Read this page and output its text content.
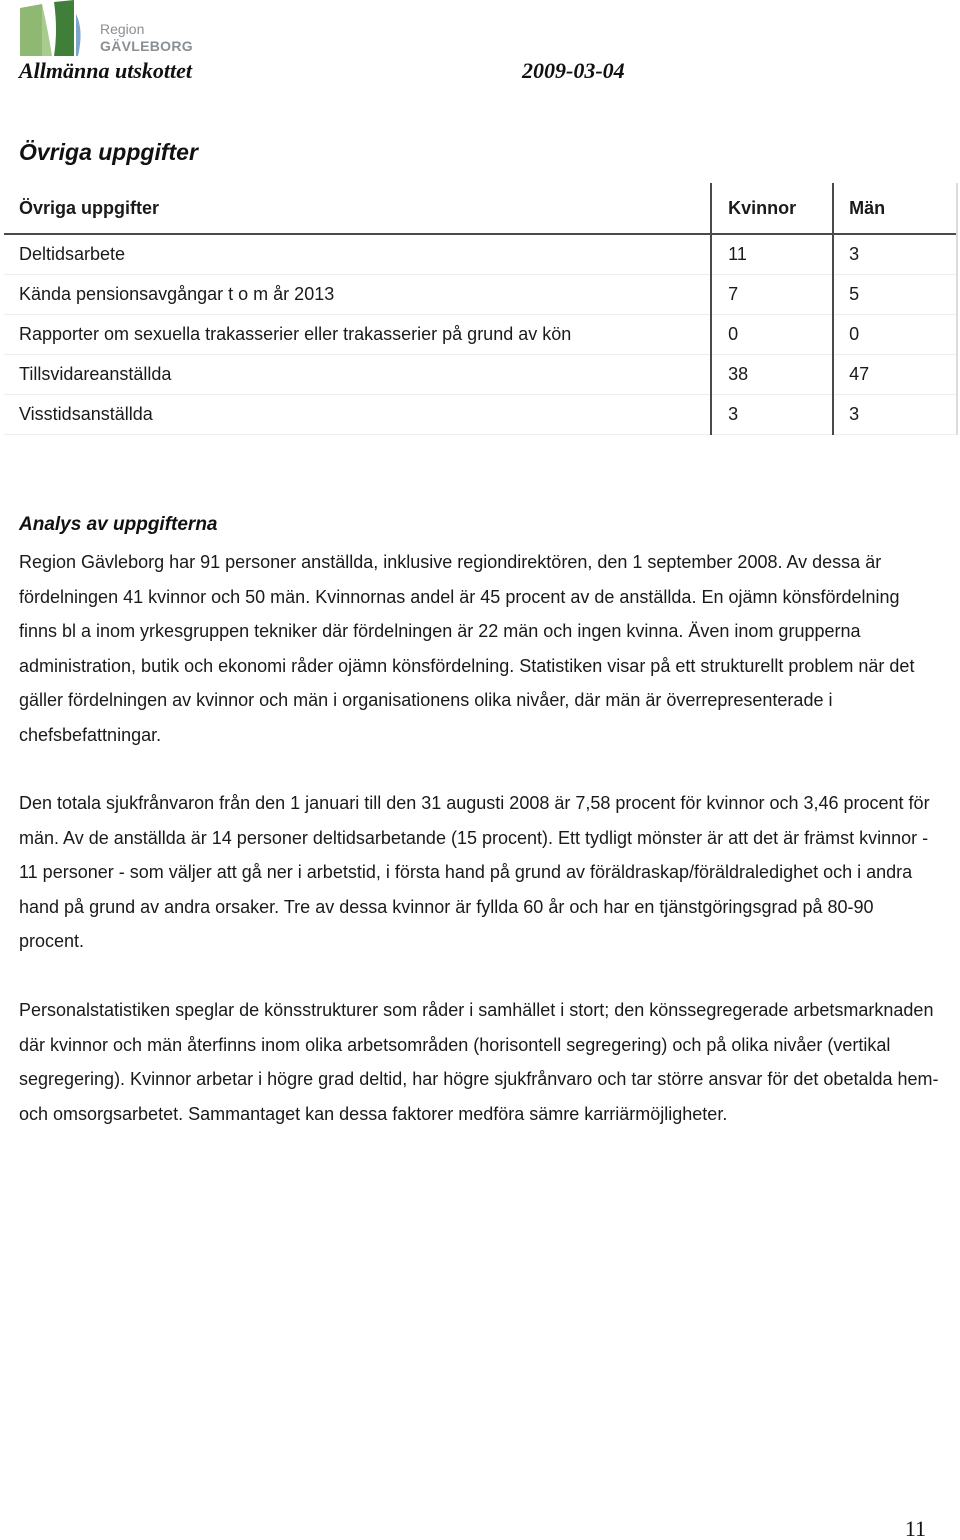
Region
GÄVLEBORG
Allmänna utskottet	2009-03-04
Övriga uppgifter
Övriga uppgifter	Kvinnor	Män
Deltidsarbete	11	3
Kända pensionsavgångar t o m år 2013	7	5
Rapporter om sexuella trakasserier eller trakasserier på grund av kön	0	0
Tillsvidareanställda	38	47
Visstidsanställda	3	3
Analys av uppgifterna

Region Gävleborg har 91 personer anställda, inklusive regiondirektören, den 1 september 2008. Av dessa är fördelningen 41 kvinnor och 50 män. Kvinnornas andel är 45 procent av de anställda. En ojämn könsfördelning finns bl a inom yrkesgruppen tekniker där fördelningen är 22 män och ingen kvinna. Även inom grupperna administration, butik och ekonomi råder ojämn könsfördelning. Statistiken visar på ett strukturellt problem när det gäller fördelningen av kvinnor och män i organisationens olika nivåer, där män är överrepresenterade i chefsbefattningar.

Den totala sjukfrånvaron från den 1 januari till den 31 augusti 2008 är 7,58 procent för kvinnor och 3,46 procent för män. Av de anställda är 14 personer deltidsarbetande (15 procent). Ett tydligt mönster är att det är främst kvinnor - 11 personer - som väljer att gå ner i arbetstid, i första hand på grund av föräldraskap/föräldraledighet och i andra hand på grund av andra orsaker. Tre av dessa kvinnor är fyllda 60 år och har en tjänstgöringsgrad på 80-90 procent.

Personalstatistiken speglar de könsstrukturer som råder i samhället i stort; den könssegregerade arbetsmarknaden där kvinnor och män återfinns inom olika arbetsområden (horisontell segregering) och på olika nivåer (vertikal segregering). Kvinnor arbetar i högre grad deltid, har högre sjukfrånvaro och tar större ansvar för det obetalda hem- och omsorgsarbetet. Sammantaget kan dessa faktorer medföra sämre karriärmöjligheter.

11
